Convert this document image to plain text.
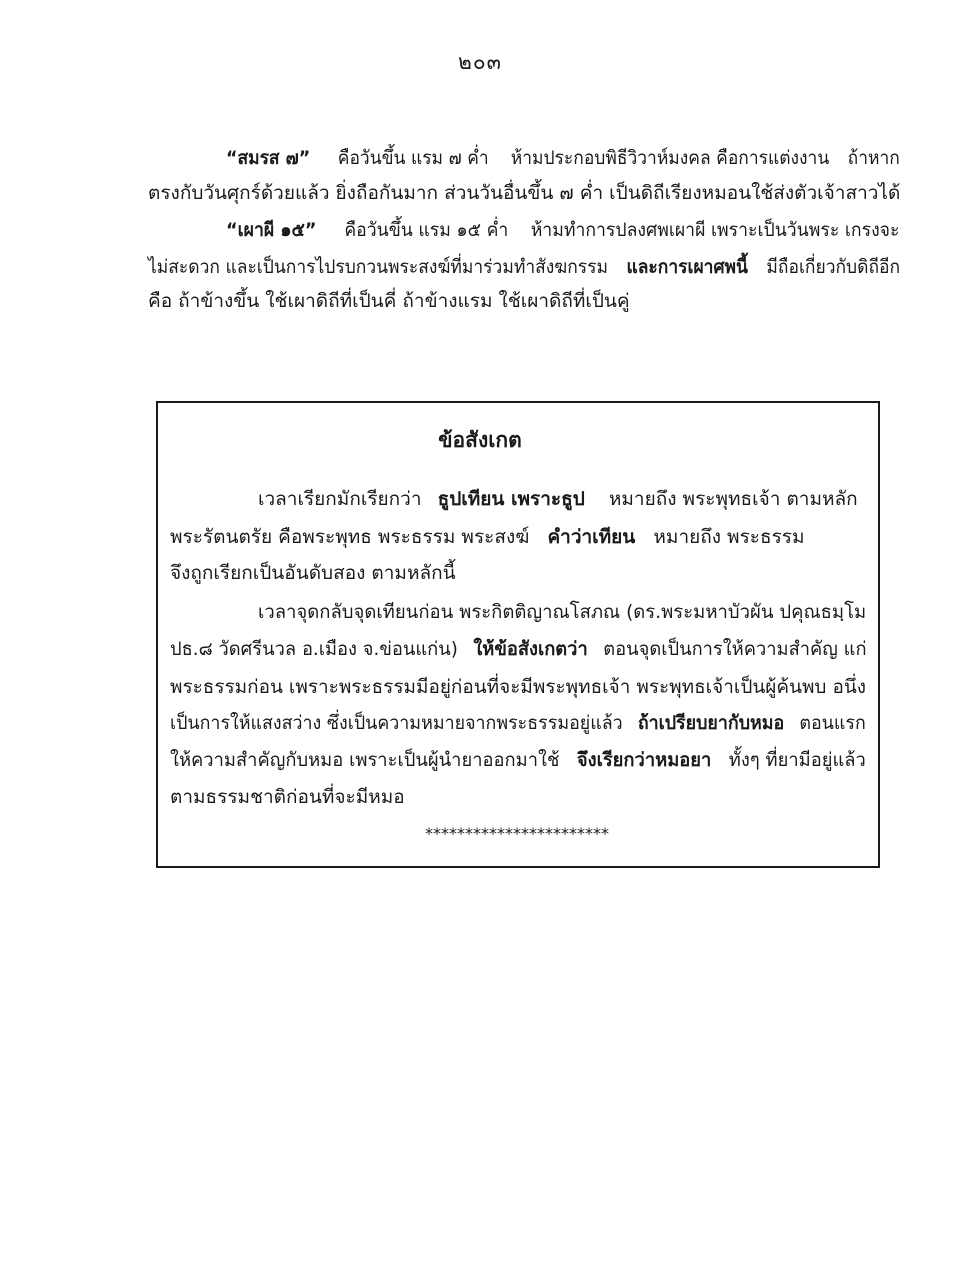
๒๐๓
“สมรส ๗” คือวันขึ้น แรม ๗ ค่ำ ห้ามประกอบพิธีวิวาห์มงคล คือการแต่งงาน ถ้าหาก
ตรงกับวันศุกร์ด้วยแล้ว ยิ่งถือกันมาก ส่วนวันอื่นขึ้น ๗ ค่ำ เป็นดิถีเรียงหมอนใช้ส่งตัวเจ้าสาวได้
“เผาผี ๑๕” คือวันขึ้น แรม ๑๕ ค่ำ ห้ามทำการปลงศพเผาผี เพราะเป็นวันพระ เกรงจะ
ไม่สะดวก และเป็นการไปรบกวนพระสงฆ์ที่มาร่วมทำสังฆกรรม และการเผาศพนี้ มีถือเกี่ยวกับดิถีอีก
คือ ถ้าข้างขึ้น ใช้เผาดิถีที่เป็นคี่ ถ้าข้างแรม ใช้เผาดิถีที่เป็นคู่
ข้อสังเกต
เวลาเรียกมักเรียกว่า ธูปเทียน เพราะธูป หมายถึง พระพุทธเจ้า ตามหลัก
พระรัตนตรัย คือพระพุทธ พระธรรม พระสงฆ์ คำว่าเทียน หมายถึง พระธรรม
จึงถูกเรียกเป็นอันดับสอง ตามหลักนี้
เวลาจุดกลับจุดเทียนก่อน พระกิตติญาณโสภณ (ดร.พระมหาบัวผัน ปคุณธมฺโม
ปธ.๘ วัดศรีนวล อ.เมือง จ.ข่อนแก่น) ให้ข้อสังเกตว่า ตอนจุดเป็นการให้ความสำคัญ แก่
พระธรรมก่อน เพราะพระธรรมมีอยู่ก่อนที่จะมีพระพุทธเจ้า พระพุทธเจ้าเป็นผู้ค้นพบ อนึ่ง
เป็นการให้แสงสว่าง ซึ่งเป็นความหมายจากพระธรรมอยู่แล้ว ถ้าเปรียบยากับหมอ ตอนแรก
ให้ความสำคัญกับหมอ เพราะเป็นผู้นำยาออกมาใช้ จึงเรียกว่าหมอยา ทั้งๆ ที่ยามีอยู่แล้ว
ตามธรรมชาติก่อนที่จะมีหมอ
***********************
